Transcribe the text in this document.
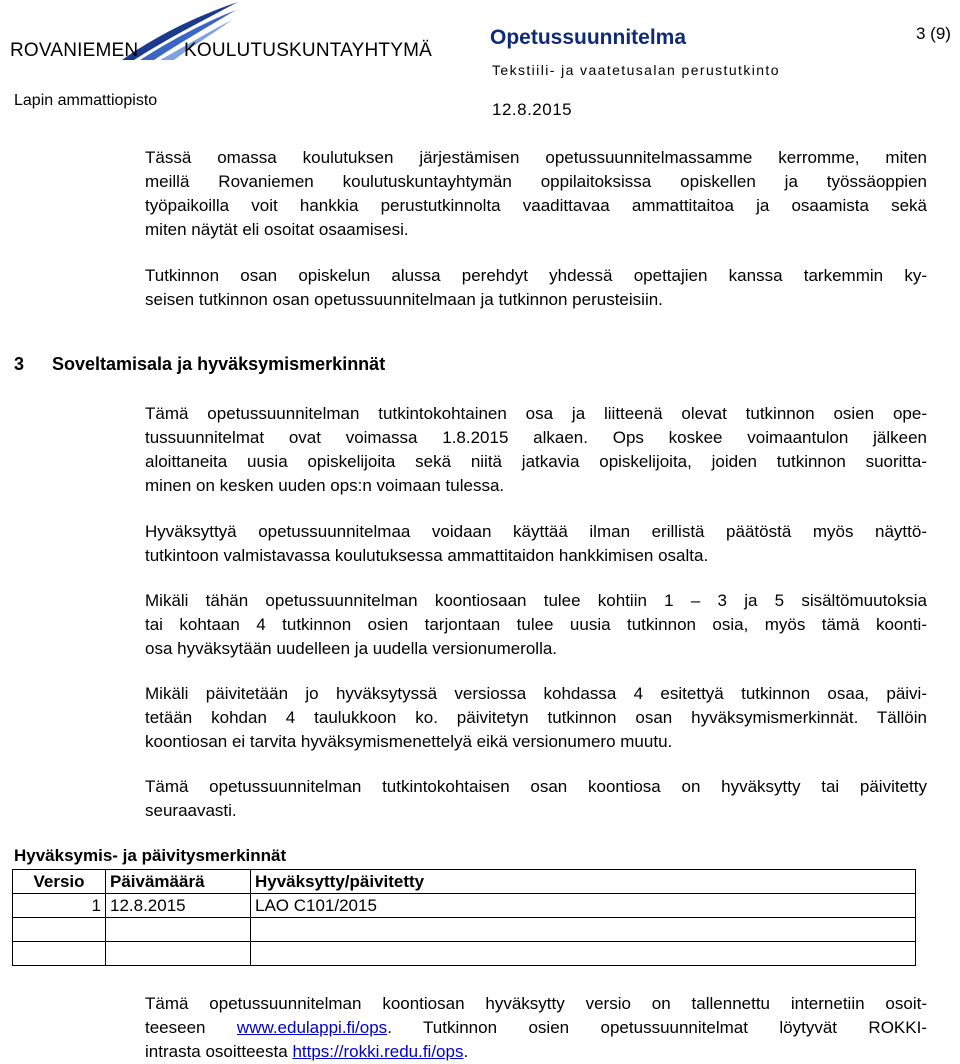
ROVANIEMEN KOULUTUSKUNTAYHTYMÄ
Lapin ammattiopisto
Opetussuunnitelma	3 (9)
Tekstiili- ja vaatetusalan perustutkinto
12.8.2015
Tässä omassa koulutuksen järjestämisen opetussuunnitelmassamme kerromme, miten
meillä Rovaniemen koulutuskuntayhtymän oppilaitoksissa opiskellen ja työssäoppien
työpaikoilla voit hankkia perustutkinnolta vaadittavaa ammattitaitoa ja osaamista sekä
miten näytät eli osoitat osaamisesi.
Tutkinnon osan opiskelun alussa perehdyt yhdessä opettajien kanssa tarkemmin ky-
seisen tutkinnon osan opetussuunnitelmaan ja tutkinnon perusteisiin.
3 Soveltamisala ja hyväksymismerkinnät
Tämä opetussuunnitelman tutkintokohtainen osa ja liitteenä olevat tutkinnon osien ope-
tussuunnitelmat ovat voimassa 1.8.2015 alkaen. Ops koskee voimaantulon jälkeen
aloittaneita uusia opiskelijoita sekä niitä jatkavia opiskelijoita, joiden tutkinnon suoritta-
minen on kesken uuden ops:n voimaan tulessa.
Hyväksyttyä opetussuunnitelmaa voidaan käyttää ilman erillistä päätöstä myös näyttö-
tutkintoon valmistavassa koulutuksessa ammattitaidon hankkimisen osalta.
Mikäli tähän opetussuunnitelman koontiosaan tulee kohtiin 1 – 3 ja 5 sisältömuutoksia
tai kohtaan 4 tutkinnon osien tarjontaan tulee uusia tutkinnon osia, myös tämä koonti-
osa hyväksytään uudelleen ja uudella versionumerolla.
Mikäli päivitetään jo hyväksytyssä versiossa kohdassa 4 esitettyä tutkinnon osaa, päivi-
tetään kohdan 4 taulukkoon ko. päivitetyn tutkinnon osan hyväksymismerkinnät. Tällöin
koontiosan ei tarvita hyväksymismenettelyä eikä versionumero muutu.
Tämä opetussuunnitelman tutkintokohtaisen osan koontiosa on hyväksytty tai päivitetty
seuraavasti.
Hyväksymis- ja päivitysmerkinnät
Versio	Päivämäärä	Hyväksytty/päivitetty
1	12.8.2015	LAO C101/2015

Tämä opetussuunnitelman koontiosan hyväksytty versio on tallennettu internetiin osoit-
teeseen www.edulappi.fi/ops. Tutkinnon osien opetussuunnitelmat löytyvät ROKKI-
intrasta osoitteesta https://rokki.redu.fi/ops.
